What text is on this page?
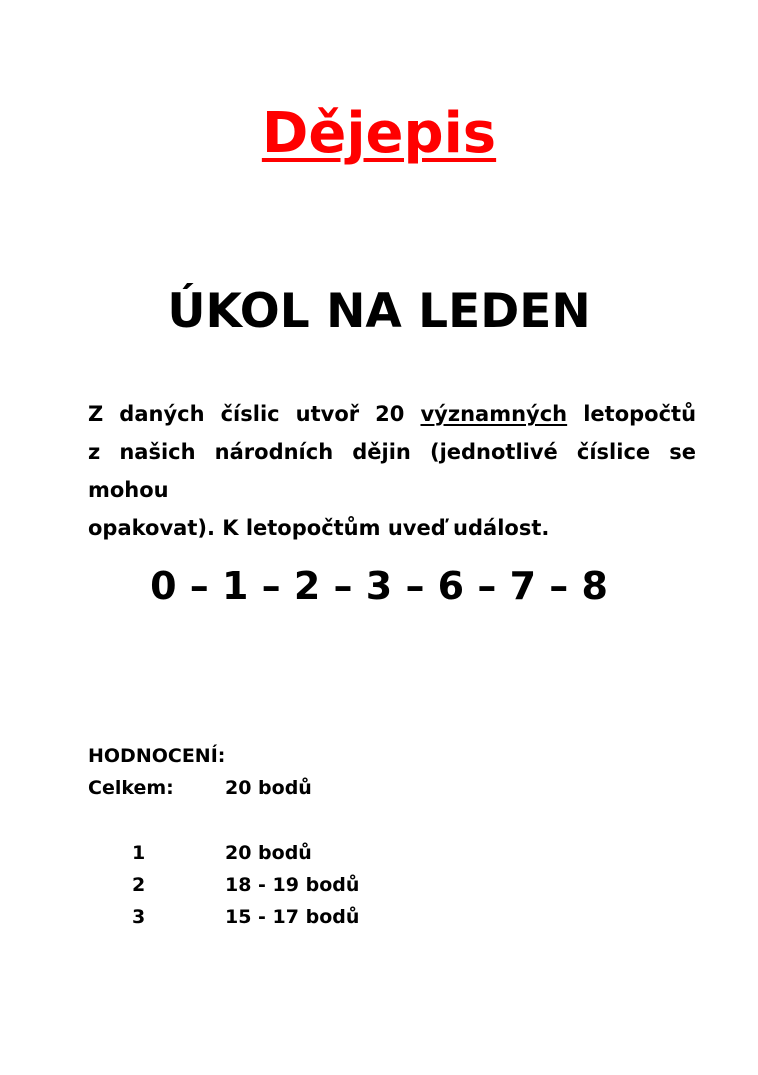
Dějepis
ÚKOL NA LEDEN
Z daných číslic utvoř 20 významných letopočtů
z našich národních dějin (jednotlivé číslice se mohou
opakovat). K letopočtům uveď událost.
0 – 1 – 2 – 3 – 6 – 7 – 8
HODNOCENÍ:
Celkem:	20 bodů
1	20 bodů
2	18 - 19 bodů
3	15 - 17 bodů
